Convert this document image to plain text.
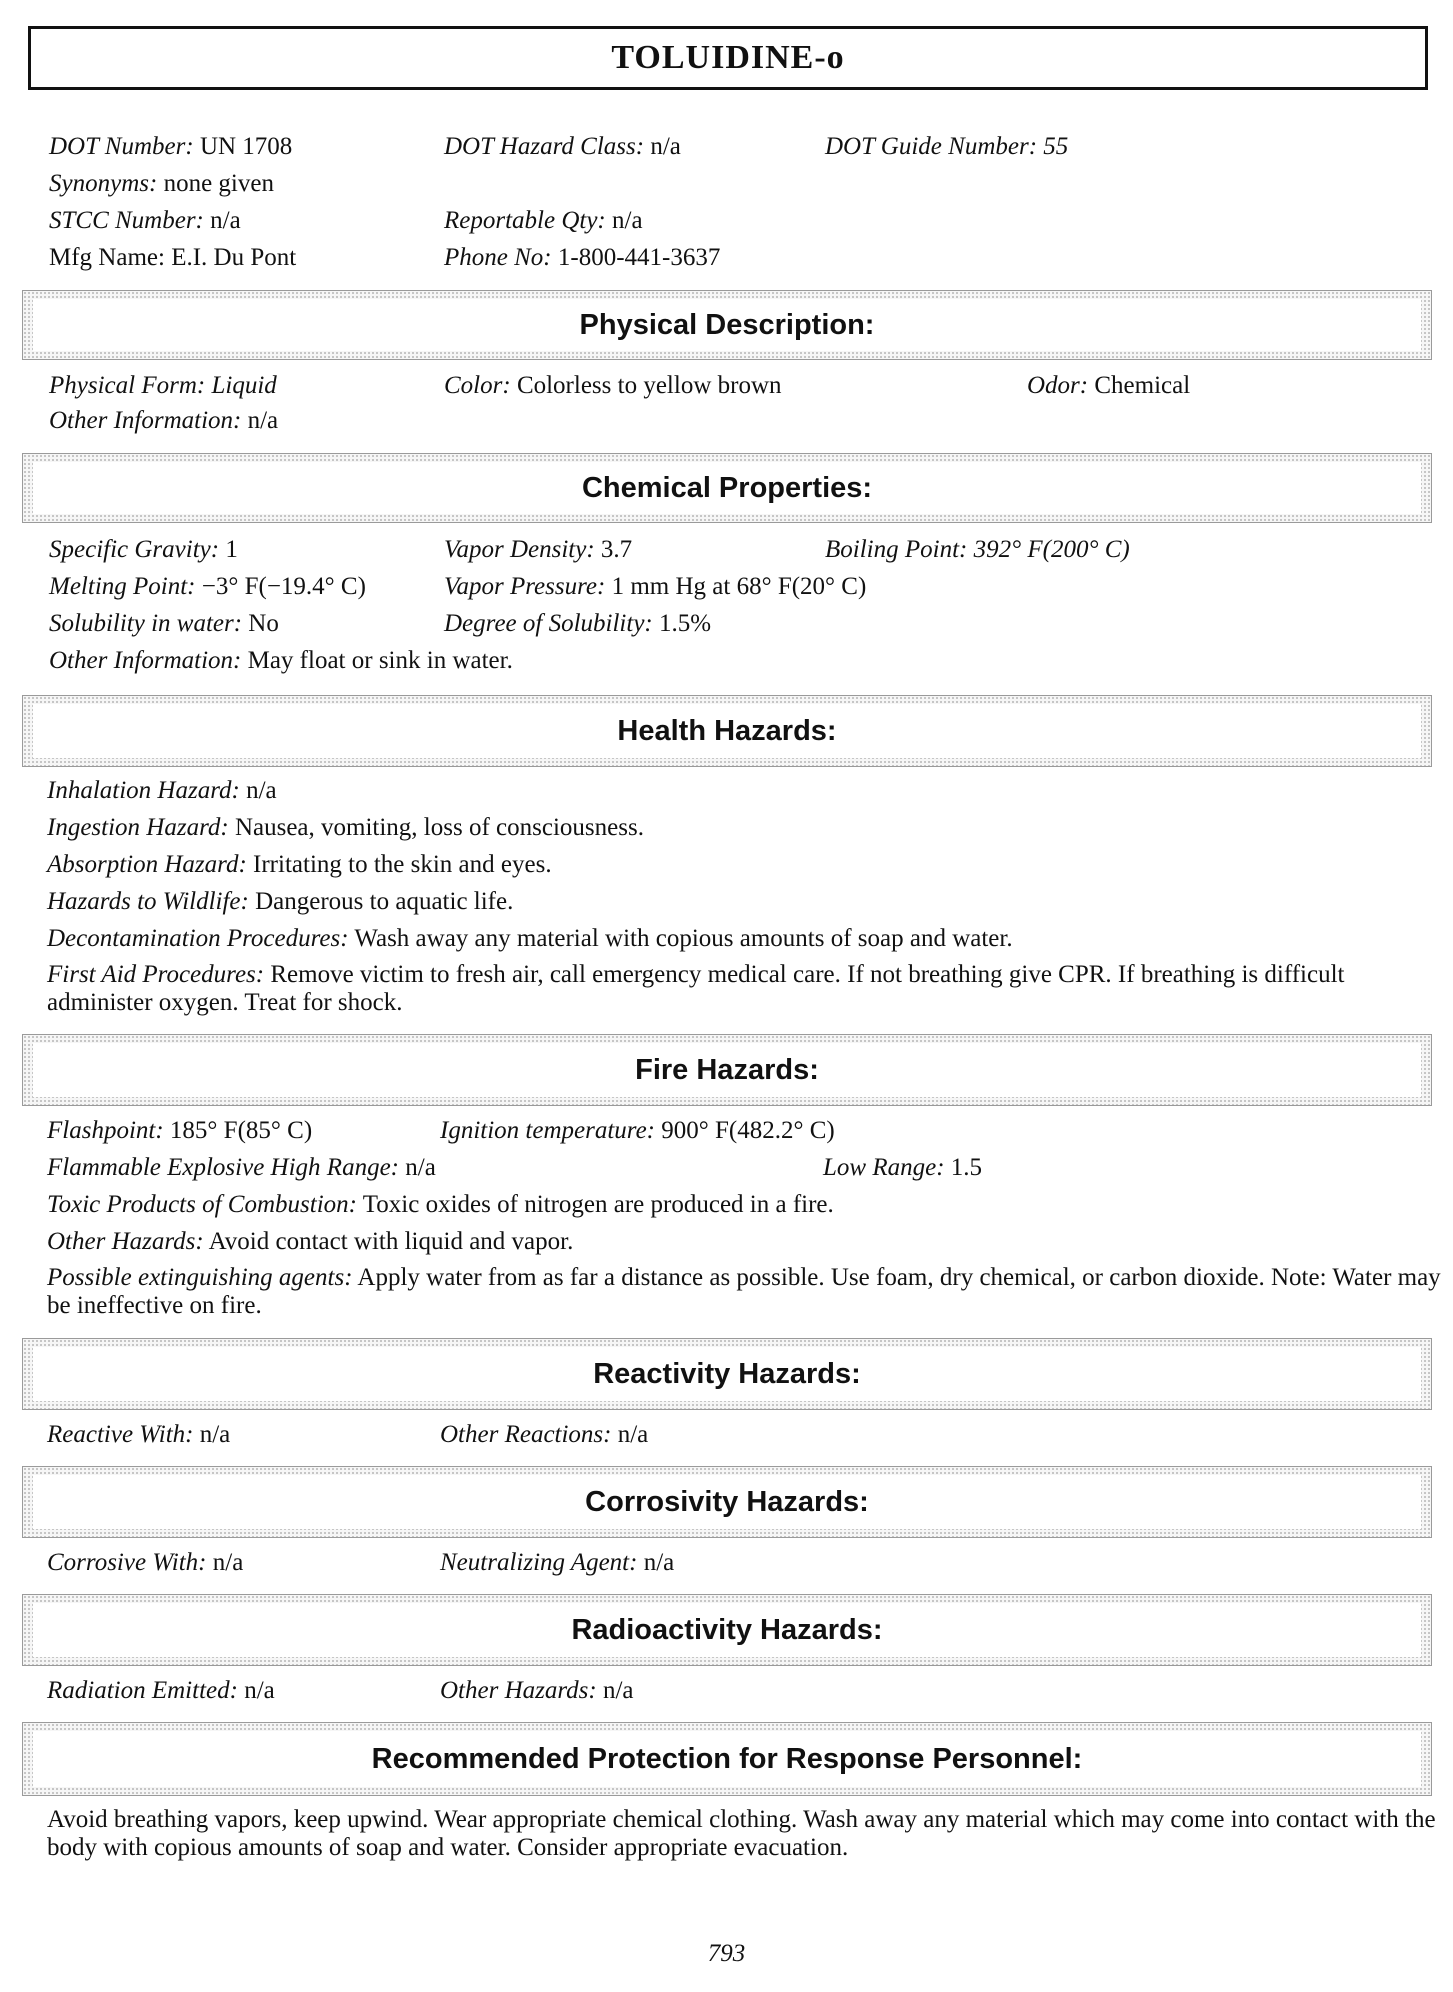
TOLUIDINE-o
DOT Number: UN 1708	DOT Hazard Class: n/a	DOT Guide Number: 55
Synonyms: none given
STCC Number: n/a	Reportable Qty: n/a
Mfg Name: E.I. Du Pont	Phone No: 1-800-441-3637
Physical Description:
Physical Form: Liquid	Color: Colorless to yellow brown	Odor: Chemical
Other Information: n/a
Chemical Properties:
Specific Gravity: 1	Vapor Density: 3.7	Boiling Point: 392° F(200° C)
Melting Point: −3° F(−19.4° C)	Vapor Pressure: 1 mm Hg at 68° F(20° C)
Solubility in water: No	Degree of Solubility: 1.5%
Other Information: May float or sink in water.
Health Hazards:
Inhalation Hazard: n/a
Ingestion Hazard: Nausea, vomiting, loss of consciousness.
Absorption Hazard: Irritating to the skin and eyes.
Hazards to Wildlife: Dangerous to aquatic life.
Decontamination Procedures: Wash away any material with copious amounts of soap and water.
First Aid Procedures: Remove victim to fresh air, call emergency medical care. If not breathing give CPR. If breathing is difficult administer oxygen. Treat for shock.
Fire Hazards:
Flashpoint: 185° F(85° C)	Ignition temperature: 900° F(482.2° C)
Flammable Explosive High Range: n/a	Low Range: 1.5
Toxic Products of Combustion: Toxic oxides of nitrogen are produced in a fire.
Other Hazards: Avoid contact with liquid and vapor.
Possible extinguishing agents: Apply water from as far a distance as possible. Use foam, dry chemical, or carbon dioxide. Note: Water may be ineffective on fire.
Reactivity Hazards:
Reactive With: n/a	Other Reactions: n/a
Corrosivity Hazards:
Corrosive With: n/a	Neutralizing Agent: n/a
Radioactivity Hazards:
Radiation Emitted: n/a	Other Hazards: n/a
Recommended Protection for Response Personnel:
Avoid breathing vapors, keep upwind. Wear appropriate chemical clothing. Wash away any material which may come into contact with the body with copious amounts of soap and water. Consider appropriate evacuation.
793
